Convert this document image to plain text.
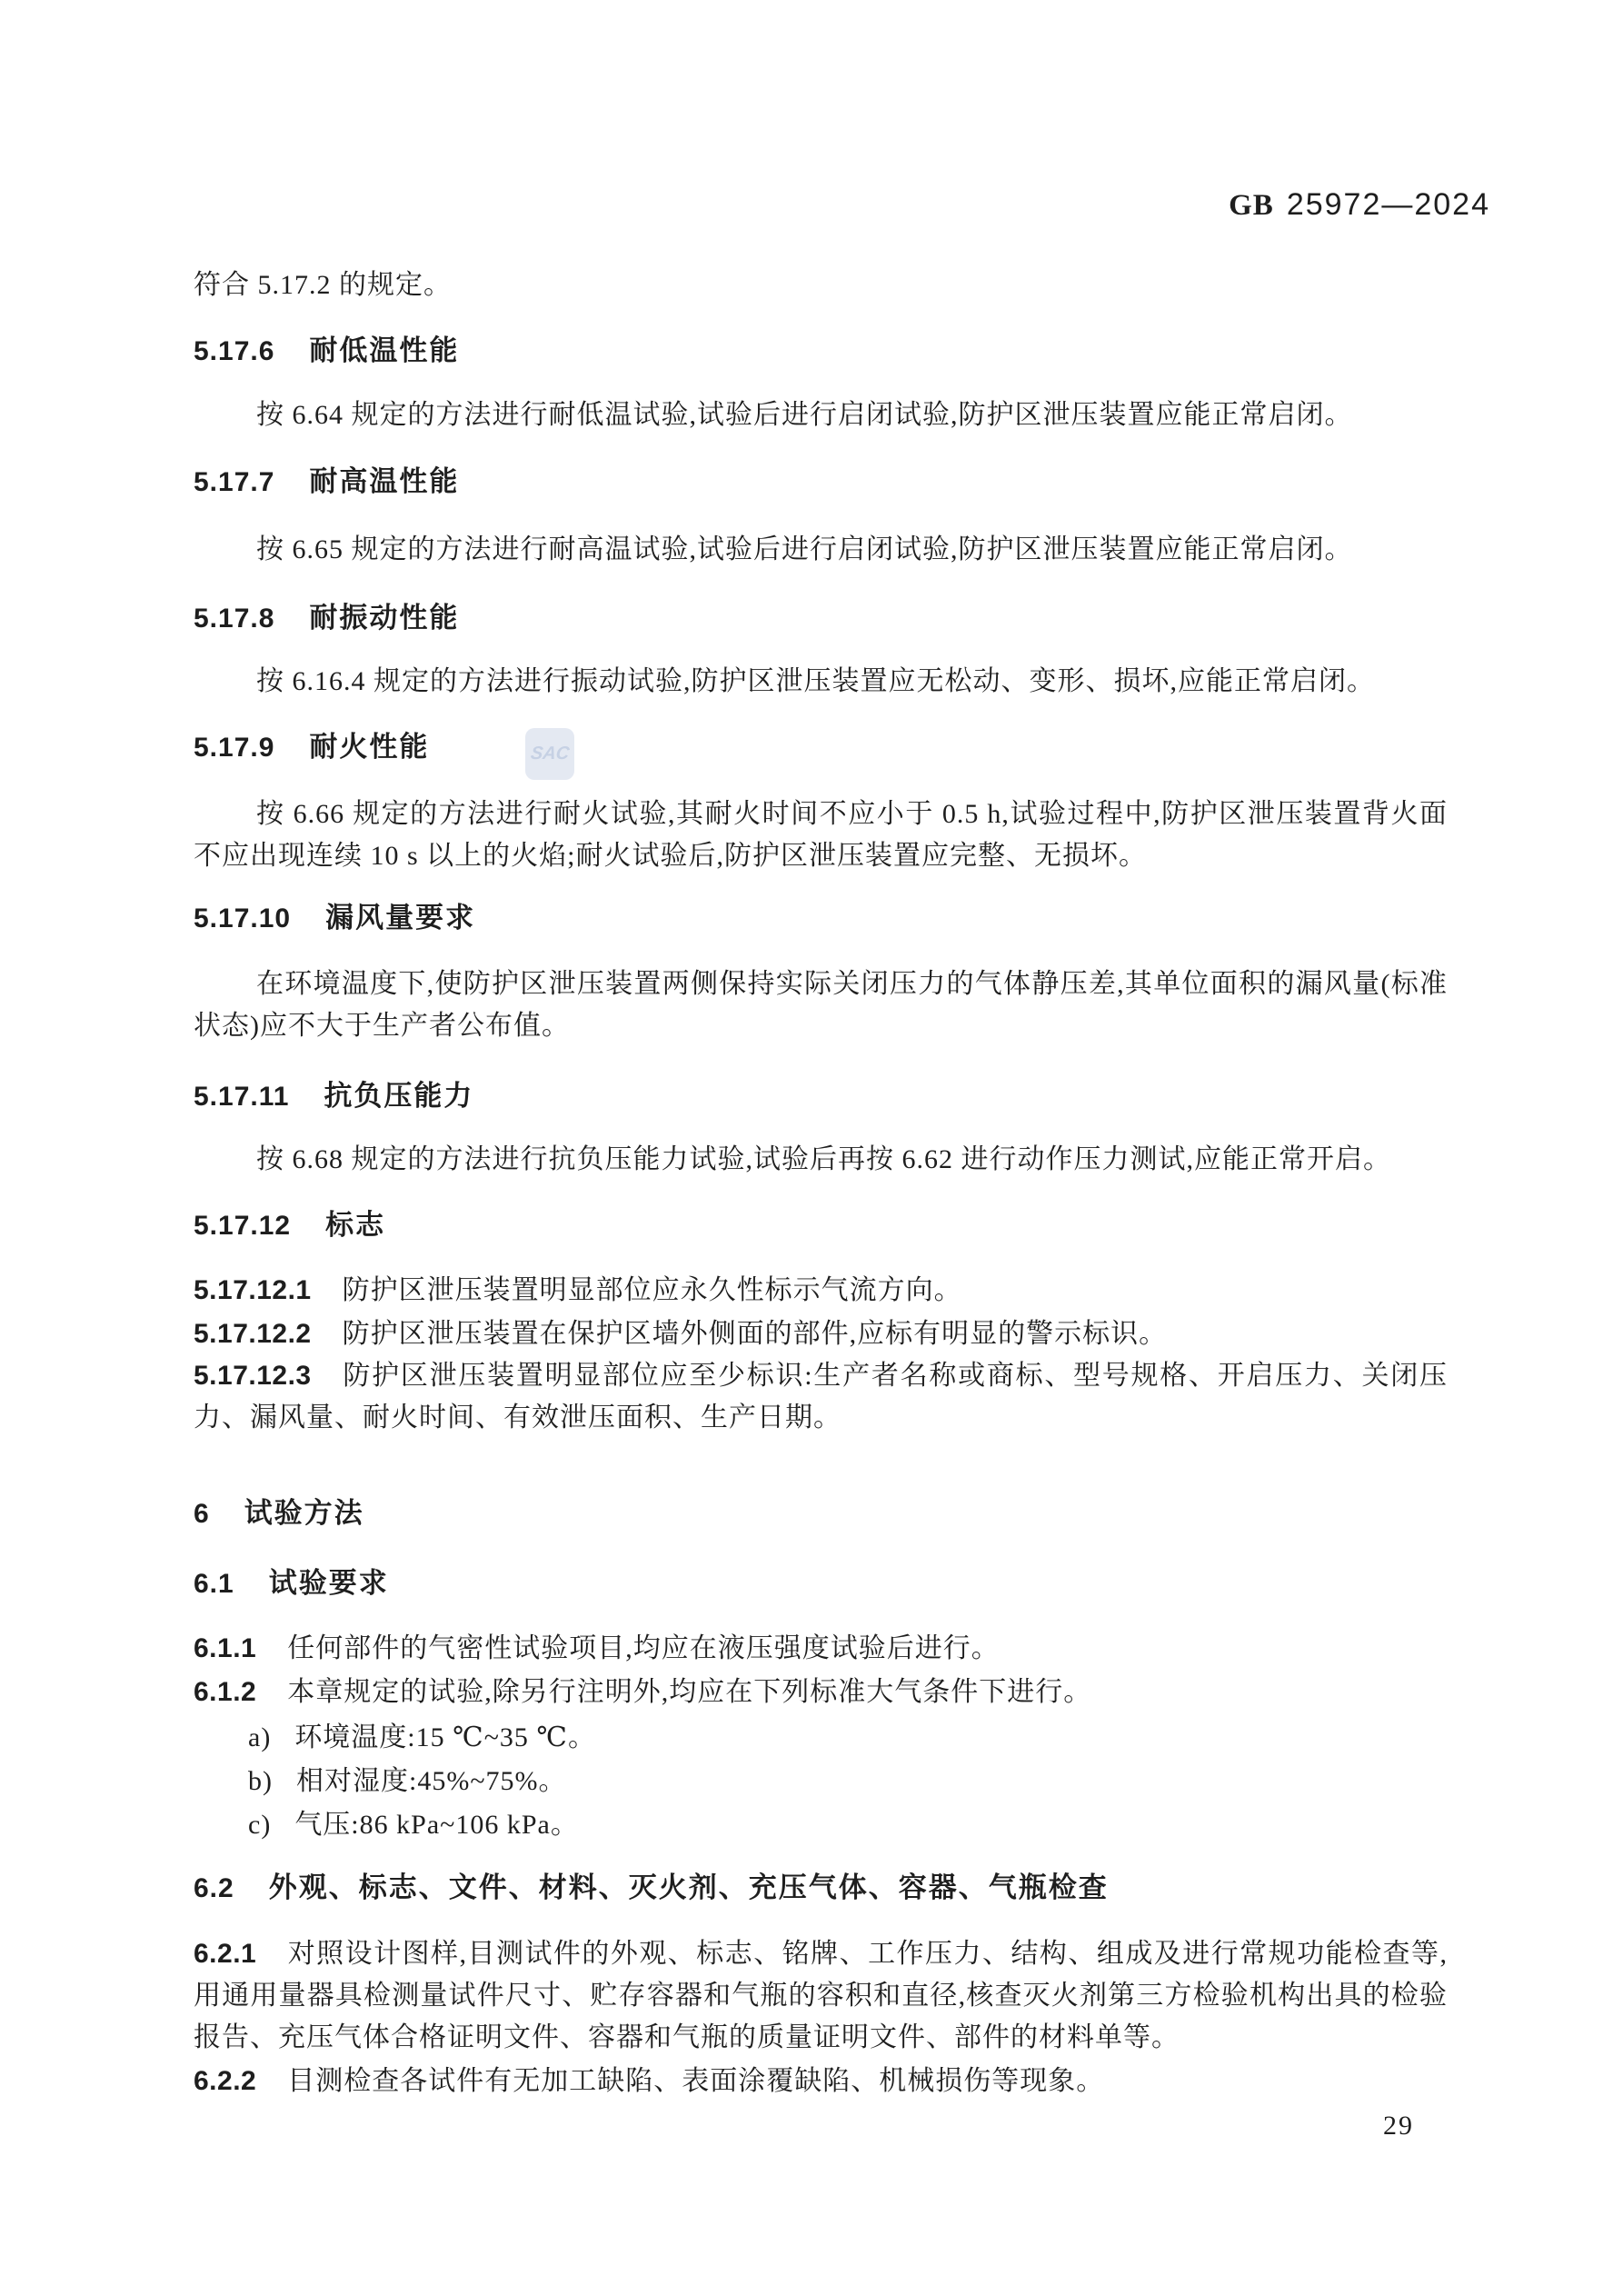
GB 25972—2024
SAC
符合 5.17.2 的规定。
5.17.6 耐低温性能
按 6.64 规定的方法进行耐低温试验,试验后进行启闭试验,防护区泄压装置应能正常启闭。
5.17.7 耐高温性能
按 6.65 规定的方法进行耐高温试验,试验后进行启闭试验,防护区泄压装置应能正常启闭。
5.17.8 耐振动性能
按 6.16.4 规定的方法进行振动试验,防护区泄压装置应无松动、变形、损坏,应能正常启闭。
5.17.9 耐火性能
按 6.66 规定的方法进行耐火试验,其耐火时间不应小于 0.5 h,试验过程中,防护区泄压装置背火面不应出现连续 10 s 以上的火焰;耐火试验后,防护区泄压装置应完整、无损坏。
5.17.10 漏风量要求
在环境温度下,使防护区泄压装置两侧保持实际关闭压力的气体静压差,其单位面积的漏风量(标准状态)应不大于生产者公布值。
5.17.11 抗负压能力
按 6.68 规定的方法进行抗负压能力试验,试验后再按 6.62 进行动作压力测试,应能正常开启。
5.17.12 标志
5.17.12.1 防护区泄压装置明显部位应永久性标示气流方向。
5.17.12.2 防护区泄压装置在保护区墙外侧面的部件,应标有明显的警示标识。
5.17.12.3 防护区泄压装置明显部位应至少标识:生产者名称或商标、型号规格、开启压力、关闭压力、漏风量、耐火时间、有效泄压面积、生产日期。
6 试验方法
6.1 试验要求
6.1.1 任何部件的气密性试验项目,均应在液压强度试验后进行。
6.1.2 本章规定的试验,除另行注明外,均应在下列标准大气条件下进行。
a) 环境温度:15 ℃~35 ℃。
b) 相对湿度:45%~75%。
c) 气压:86 kPa~106 kPa。
6.2 外观、标志、文件、材料、灭火剂、充压气体、容器、气瓶检查
6.2.1 对照设计图样,目测试件的外观、标志、铭牌、工作压力、结构、组成及进行常规功能检查等,用通用量器具检测量试件尺寸、贮存容器和气瓶的容积和直径,核查灭火剂第三方检验机构出具的检验报告、充压气体合格证明文件、容器和气瓶的质量证明文件、部件的材料单等。
6.2.2 目测检查各试件有无加工缺陷、表面涂覆缺陷、机械损伤等现象。
29
